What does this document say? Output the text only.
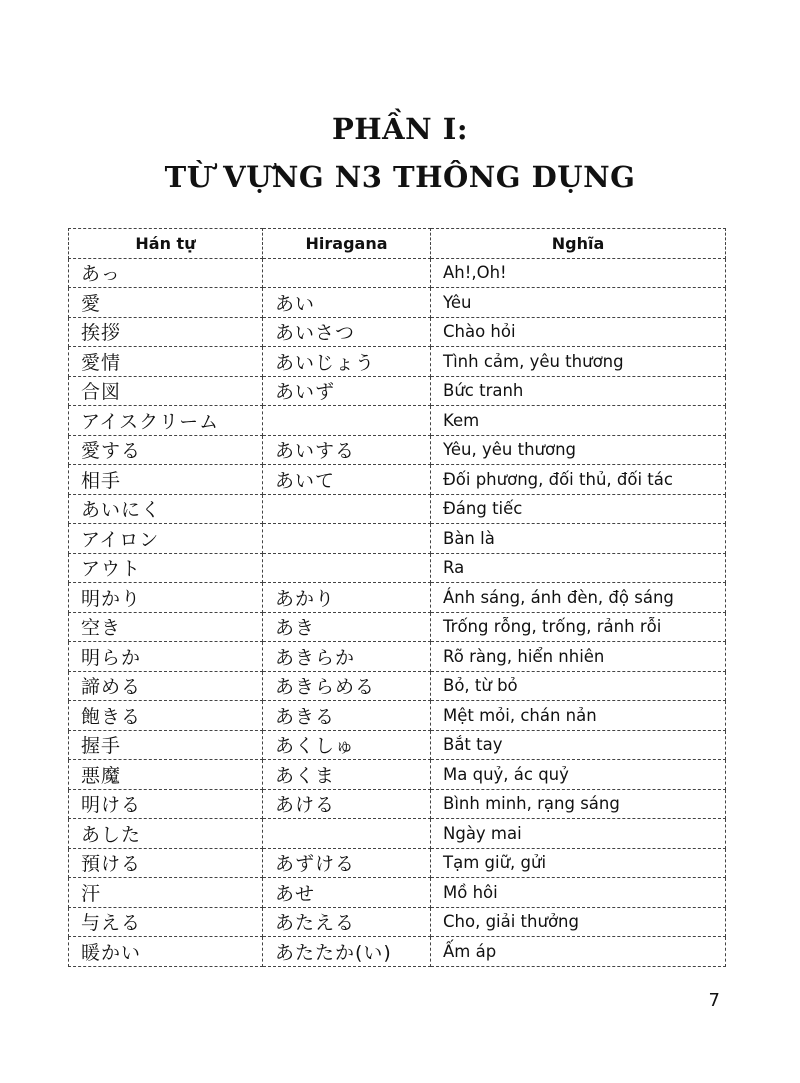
PHẦN I:
TỪ VỰNG N3 THÔNG DỤNG
Hán tự	Hiragana	Nghĩa
あっ		Ah!,Oh!
愛	あい	Yêu
挨拶	あいさつ	Chào hỏi
愛情	あいじょう	Tình cảm, yêu thương
合図	あいず	Bức tranh
アイスクリーム		Kem
愛する	あいする	Yêu, yêu thương
相手	あいて	Đối phương, đối thủ, đối tác
あいにく		Đáng tiếc
アイロン		Bàn là
アウト		Ra
明かり	あかり	Ánh sáng, ánh đèn, độ sáng
空き	あき	Trống rỗng, trống, rảnh rỗi
明らか	あきらか	Rõ ràng, hiển nhiên
諦める	あきらめる	Bỏ, từ bỏ
飽きる	あきる	Mệt mỏi, chán nản
握手	あくしゅ	Bắt tay
悪魔	あくま	Ma quỷ, ác quỷ
明ける	あける	Bình minh, rạng sáng
あした		Ngày mai
預ける	あずける	Tạm giữ, gửi
汗	あせ	Mồ hôi
与える	あたえる	Cho, giải thưởng
暖かい	あたたか(い)	Ấm áp
7
